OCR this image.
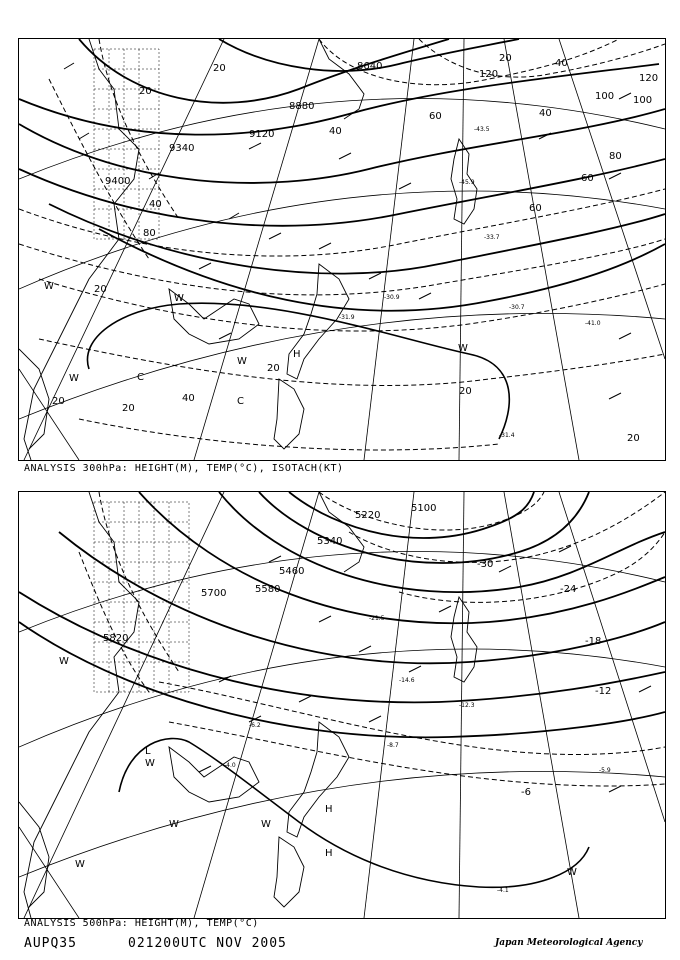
8640
8880
9120
9340
9400
20
20
20
20
20
20
20
20
20
40
40
40
40
40
60
60
60
80
80
100
100
120
120
W
W
W
W
W
C
C
H
-31.4
-41.0
-45.9
-43.5
-30.9
-30.7
-33.7
-31.9
ANALYSIS 300hPa: HEIGHT(M), TEMP(°C), ISOTACH(KT)
5100
5220
5340
5460
5580
5700
5820
-30
-24
-18
-12
-6
L
W
W
W	W
W
W
H
H
-4.0
-6.2
-14.6
-21.5
-4.1
-8.7
-12.3
-5.9
ANALYSIS 500hPa: HEIGHT(M), TEMP(°C)
AUPQ35	021200UTC NOV 2005	Japan Meteorological Agency
